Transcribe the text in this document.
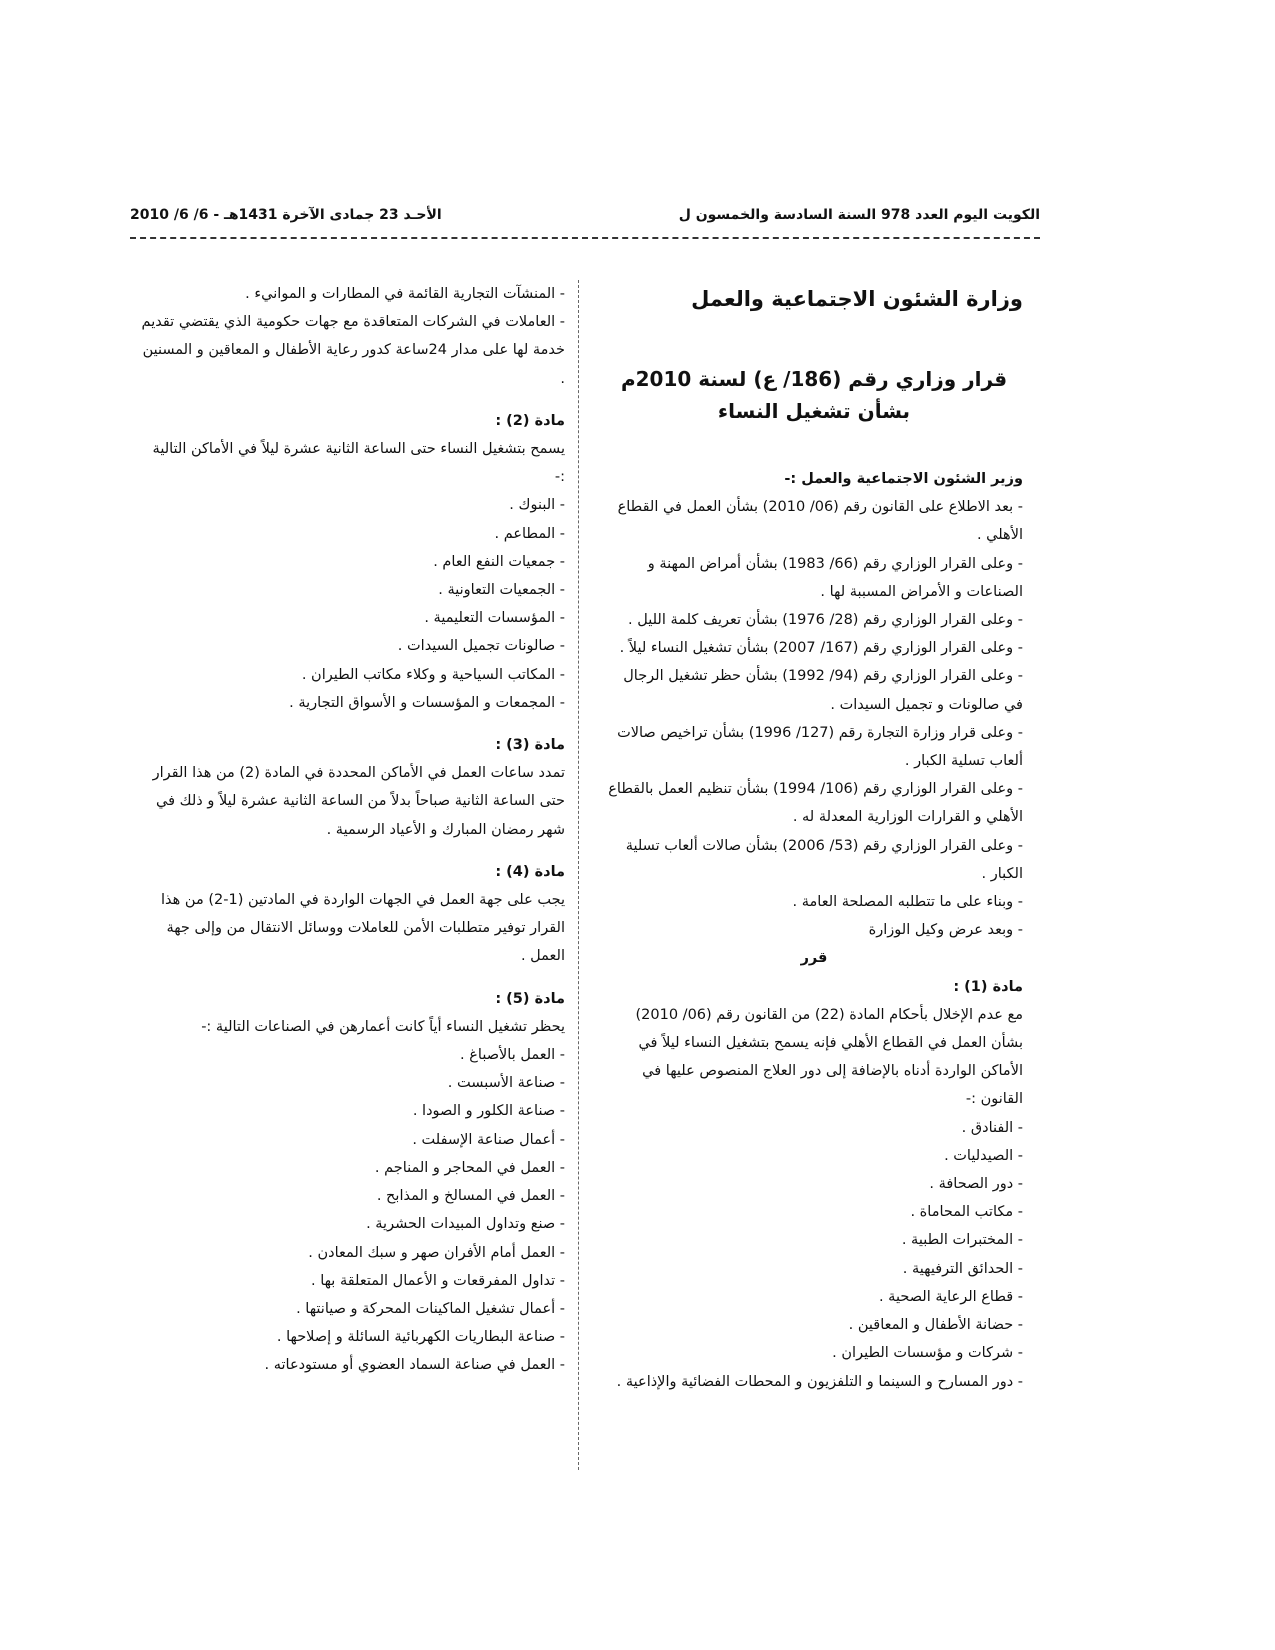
الكويت اليوم العدد 978 السنة السادسة والخمسون ل
الأحـد 23 جمادى الآخرة 1431هـ - 6/ 6/ 2010

وزارة الشئون الاجتماعية والعمل

قرار وزاري رقم (186/ ع) لسنة 2010م
بشأن تشغيل النساء

وزير الشئون الاجتماعية والعمل :-

- بعد الاطلاع على القانون رقم (06/ 2010) بشأن العمل في القطاع الأهلي .

- وعلى القرار الوزاري رقم (66/ 1983) بشأن أمراض المهنة و الصناعات و الأمراض المسببة لها .

- وعلى القرار الوزاري رقم (28/ 1976) بشأن تعريف كلمة الليل .

- وعلى القرار الوزاري رقم (167/ 2007) بشأن تشغيل النساء ليلاً .

- وعلى القرار الوزاري رقم (94/ 1992) بشأن حظر تشغيل الرجال في صالونات و تجميل السيدات .

- وعلى قرار وزارة التجارة رقم (127/ 1996) بشأن تراخيص صالات ألعاب تسلية الكبار .

- وعلى القرار الوزاري رقم (106/ 1994) بشأن تنظيم العمل بالقطاع الأهلي و القرارات الوزارية المعدلة له .

- وعلى القرار الوزاري رقم (53/ 2006) بشأن صالات ألعاب تسلية الكبار .

- وبناء على ما تتطلبه المصلحة العامة .

- وبعد عرض وكيل الوزارة

قرر

مادة (1) :

مع عدم الإخلال بأحكام المادة (22) من القانون رقم (06/ 2010) بشأن العمل في القطاع الأهلي فإنه يسمح بتشغيل النساء ليلاً في الأماكن الواردة أدناه بالإضافة إلى دور العلاج المنصوص عليها في القانون :-

- الفنادق .

- الصيدليات .

- دور الصحافة .

- مكاتب المحاماة .

- المختبرات الطبية .

- الحدائق الترفيهية .

- قطاع الرعاية الصحية .

- حضانة الأطفال و المعاقين .

- شركات و مؤسسات الطيران .

- دور المسارح و السينما و التلفزيون و المحطات الفضائية والإذاعية .

- المنشآت التجارية القائمة في المطارات و الموانيء .

- العاملات في الشركات المتعاقدة مع جهات حكومية الذي يقتضي تقديم خدمة لها على مدار 24ساعة كدور رعاية الأطفال و المعاقين و المسنين .

مادة (2) :

يسمح بتشغيل النساء حتى الساعة الثانية عشرة ليلاً في الأماكن التالية :-

- البنوك .

- المطاعم .

- جمعيات النفع العام .

- الجمعيات التعاونية .

- المؤسسات التعليمية .

- صالونات تجميل السيدات .

- المكاتب السياحية و وكلاء مكاتب الطيران .

- المجمعات و المؤسسات و الأسواق التجارية .

مادة (3) :

تمدد ساعات العمل في الأماكن المحددة في المادة (2) من هذا القرار حتى الساعة الثانية صباحاً بدلاً من الساعة الثانية عشرة ليلاً و ذلك في شهر رمضان المبارك و الأعياد الرسمية .

مادة (4) :

يجب على جهة العمل في الجهات الواردة في المادتين (1-2) من هذا القرار توفير متطلبات الأمن للعاملات ووسائل الانتقال من وإلى جهة العمل .

مادة (5) :

يحظر تشغيل النساء أياً كانت أعمارهن في الصناعات التالية :-

- العمل بالأصباغ .

- صناعة الأسبست .

- صناعة الكلور و الصودا .

- أعمال صناعة الإسفلت .

- العمل في المحاجر و المناجم .

- العمل في المسالخ و المذابح .

- صنع وتداول المبيدات الحشرية .

- العمل أمام الأفران صهر و سبك المعادن .

- تداول المفرقعات و الأعمال المتعلقة بها .

- أعمال تشغيل الماكينات المحركة و صيانتها .

- صناعة البطاريات الكهربائية السائلة و إصلاحها .

- العمل في صناعة السماد العضوي أو مستودعاته .
